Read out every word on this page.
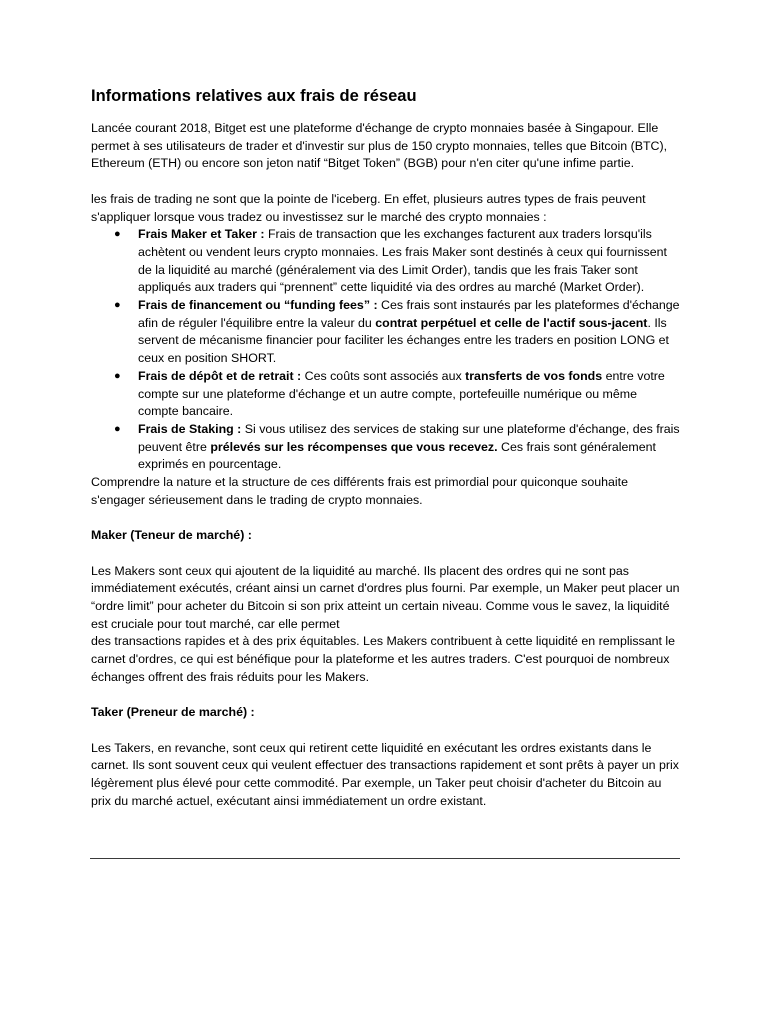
Informations relatives aux frais de réseau

Lancée courant 2018, Bitget est une plateforme d'échange de crypto monnaies basée à Singapour. Elle permet à ses utilisateurs de trader et d'investir sur plus de 150 crypto monnaies, telles que Bitcoin (BTC), Ethereum (ETH) ou encore son jeton natif “Bitget Token” (BGB) pour n'en citer qu'une infime partie.

les frais de trading ne sont que la pointe de l'iceberg. En effet, plusieurs autres types de frais peuvent s'appliquer lorsque vous tradez ou investissez sur le marché des crypto monnaies :

● Frais Maker et Taker : Frais de transaction que les exchanges facturent aux traders lorsqu'ils achètent ou vendent leurs crypto monnaies. Les frais Maker sont destinés à ceux qui fournissent de la liquidité au marché (généralement via des Limit Order), tandis que les frais Taker sont appliqués aux traders qui “prennent” cette liquidité via des ordres au marché (Market Order).
● Frais de financement ou “funding fees” : Ces frais sont instaurés par les plateformes d'échange afin de réguler l'équilibre entre la valeur du contrat perpétuel et celle de l'actif sous-jacent. Ils servent de mécanisme financier pour faciliter les échanges entre les traders en position LONG et ceux en position SHORT.
● Frais de dépôt et de retrait : Ces coûts sont associés aux transferts de vos fonds entre votre compte sur une plateforme d'échange et un autre compte, portefeuille numérique ou même compte bancaire.
● Frais de Staking : Si vous utilisez des services de staking sur une plateforme d'échange, des frais peuvent être prélevés sur les récompenses que vous recevez. Ces frais sont généralement exprimés en pourcentage.

Comprendre la nature et la structure de ces différents frais est primordial pour quiconque souhaite s'engager sérieusement dans le trading de crypto monnaies.

Maker (Teneur de marché) :

Les Makers sont ceux qui ajoutent de la liquidité au marché. Ils placent des ordres qui ne sont pas immédiatement exécutés, créant ainsi un carnet d'ordres plus fourni. Par exemple, un Maker peut placer un “ordre limit” pour acheter du Bitcoin si son prix atteint un certain niveau. Comme vous le savez, la liquidité est cruciale pour tout marché, car elle permet

des transactions rapides et à des prix équitables. Les Makers contribuent à cette liquidité en remplissant le carnet d'ordres, ce qui est bénéfique pour la plateforme et les autres traders. C'est pourquoi de nombreux échanges offrent des frais réduits pour les Makers.

Taker (Preneur de marché) :

Les Takers, en revanche, sont ceux qui retirent cette liquidité en exécutant les ordres existants dans le carnet. Ils sont souvent ceux qui veulent effectuer des transactions rapidement et sont prêts à payer un prix légèrement plus élevé pour cette commodité. Par exemple, un Taker peut choisir d'acheter du Bitcoin au prix du marché actuel, exécutant ainsi immédiatement un ordre existant.
